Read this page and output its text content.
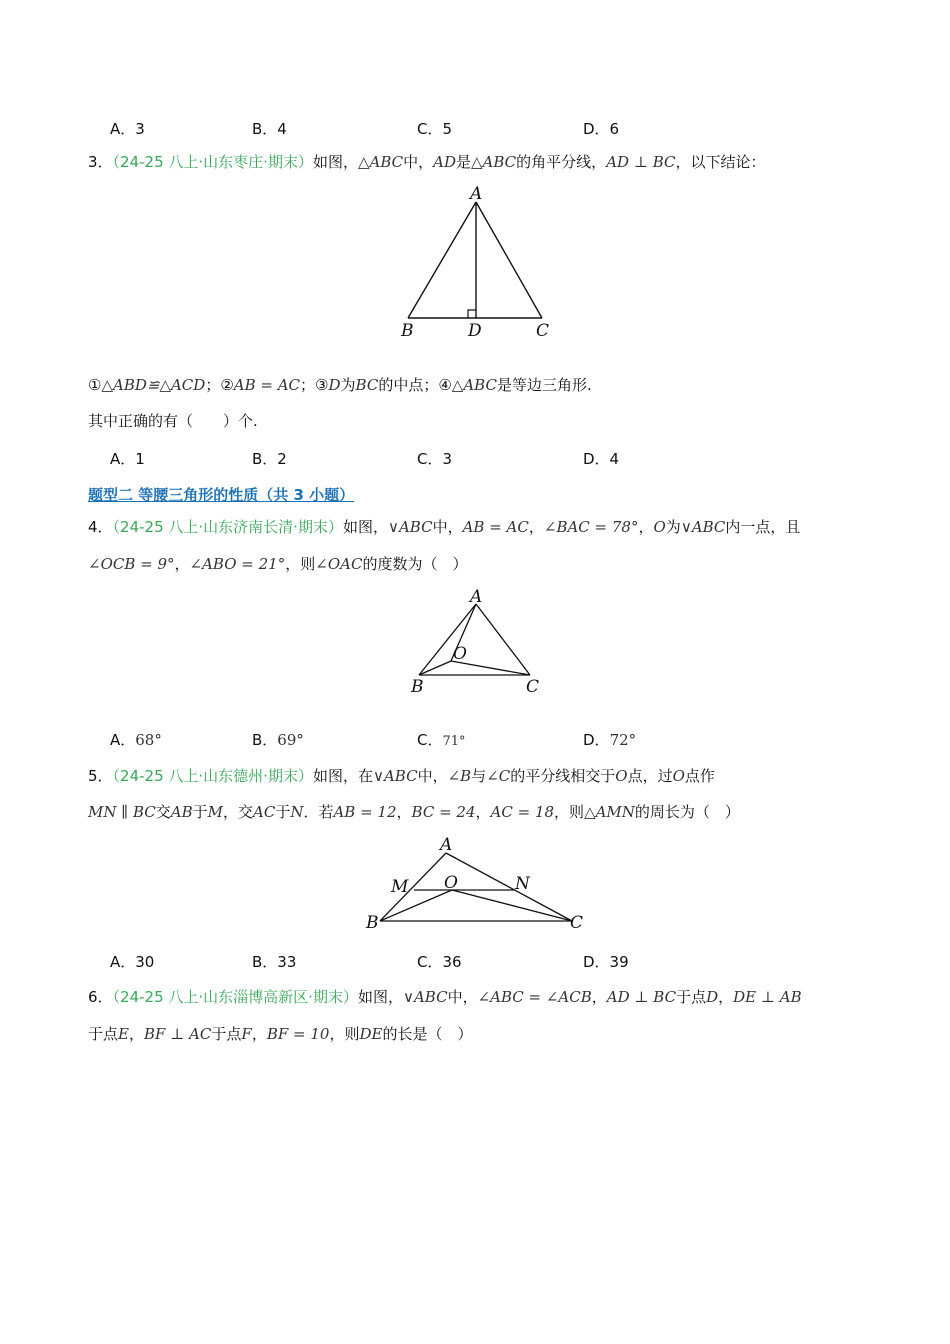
A．3	B．4	C．5	D．6
3．（24-25 八上·山东枣庄·期末）如图，△ABC中，AD是△ABC的角平分线，AD ⊥ BC，以下结论：
A
B	D	C
①△ABD≌△ACD；②AB = AC；③D为BC的中点；④△ABC是等边三角形.
其中正确的有（　　）个.
A．1	B．2	C．3	D．4
题型二 等腰三角形的性质（共 3 小题）
4．（24-25 八上·山东济南长清·期末）如图，∨ABC中，AB = AC，∠BAC = 78°，O为∨ABC内一点，且
∠OCB = 9°，∠ABO = 21°，则∠OAC的度数为（　）
A
O
B	C
A．68°	B．69°	C．71°	D．72°
5．（24-25 八上·山东德州·期末）如图，在∨ABC中，∠B与∠C的平分线相交于O点，过O点作
MN ∥ BC交AB于M，交AC于N．若AB = 12，BC = 24，AC = 18，则△AMN的周长为（　）
A
M O	N
B	C
A．30	B．33	C．36	D．39
6．（24-25 八上·山东淄博高新区·期末）如图，∨ABC中，∠ABC = ∠ACB，AD ⊥ BC于点D，DE ⊥ AB
于点E，BF ⊥ AC于点F，BF = 10，则DE的长是（　）
